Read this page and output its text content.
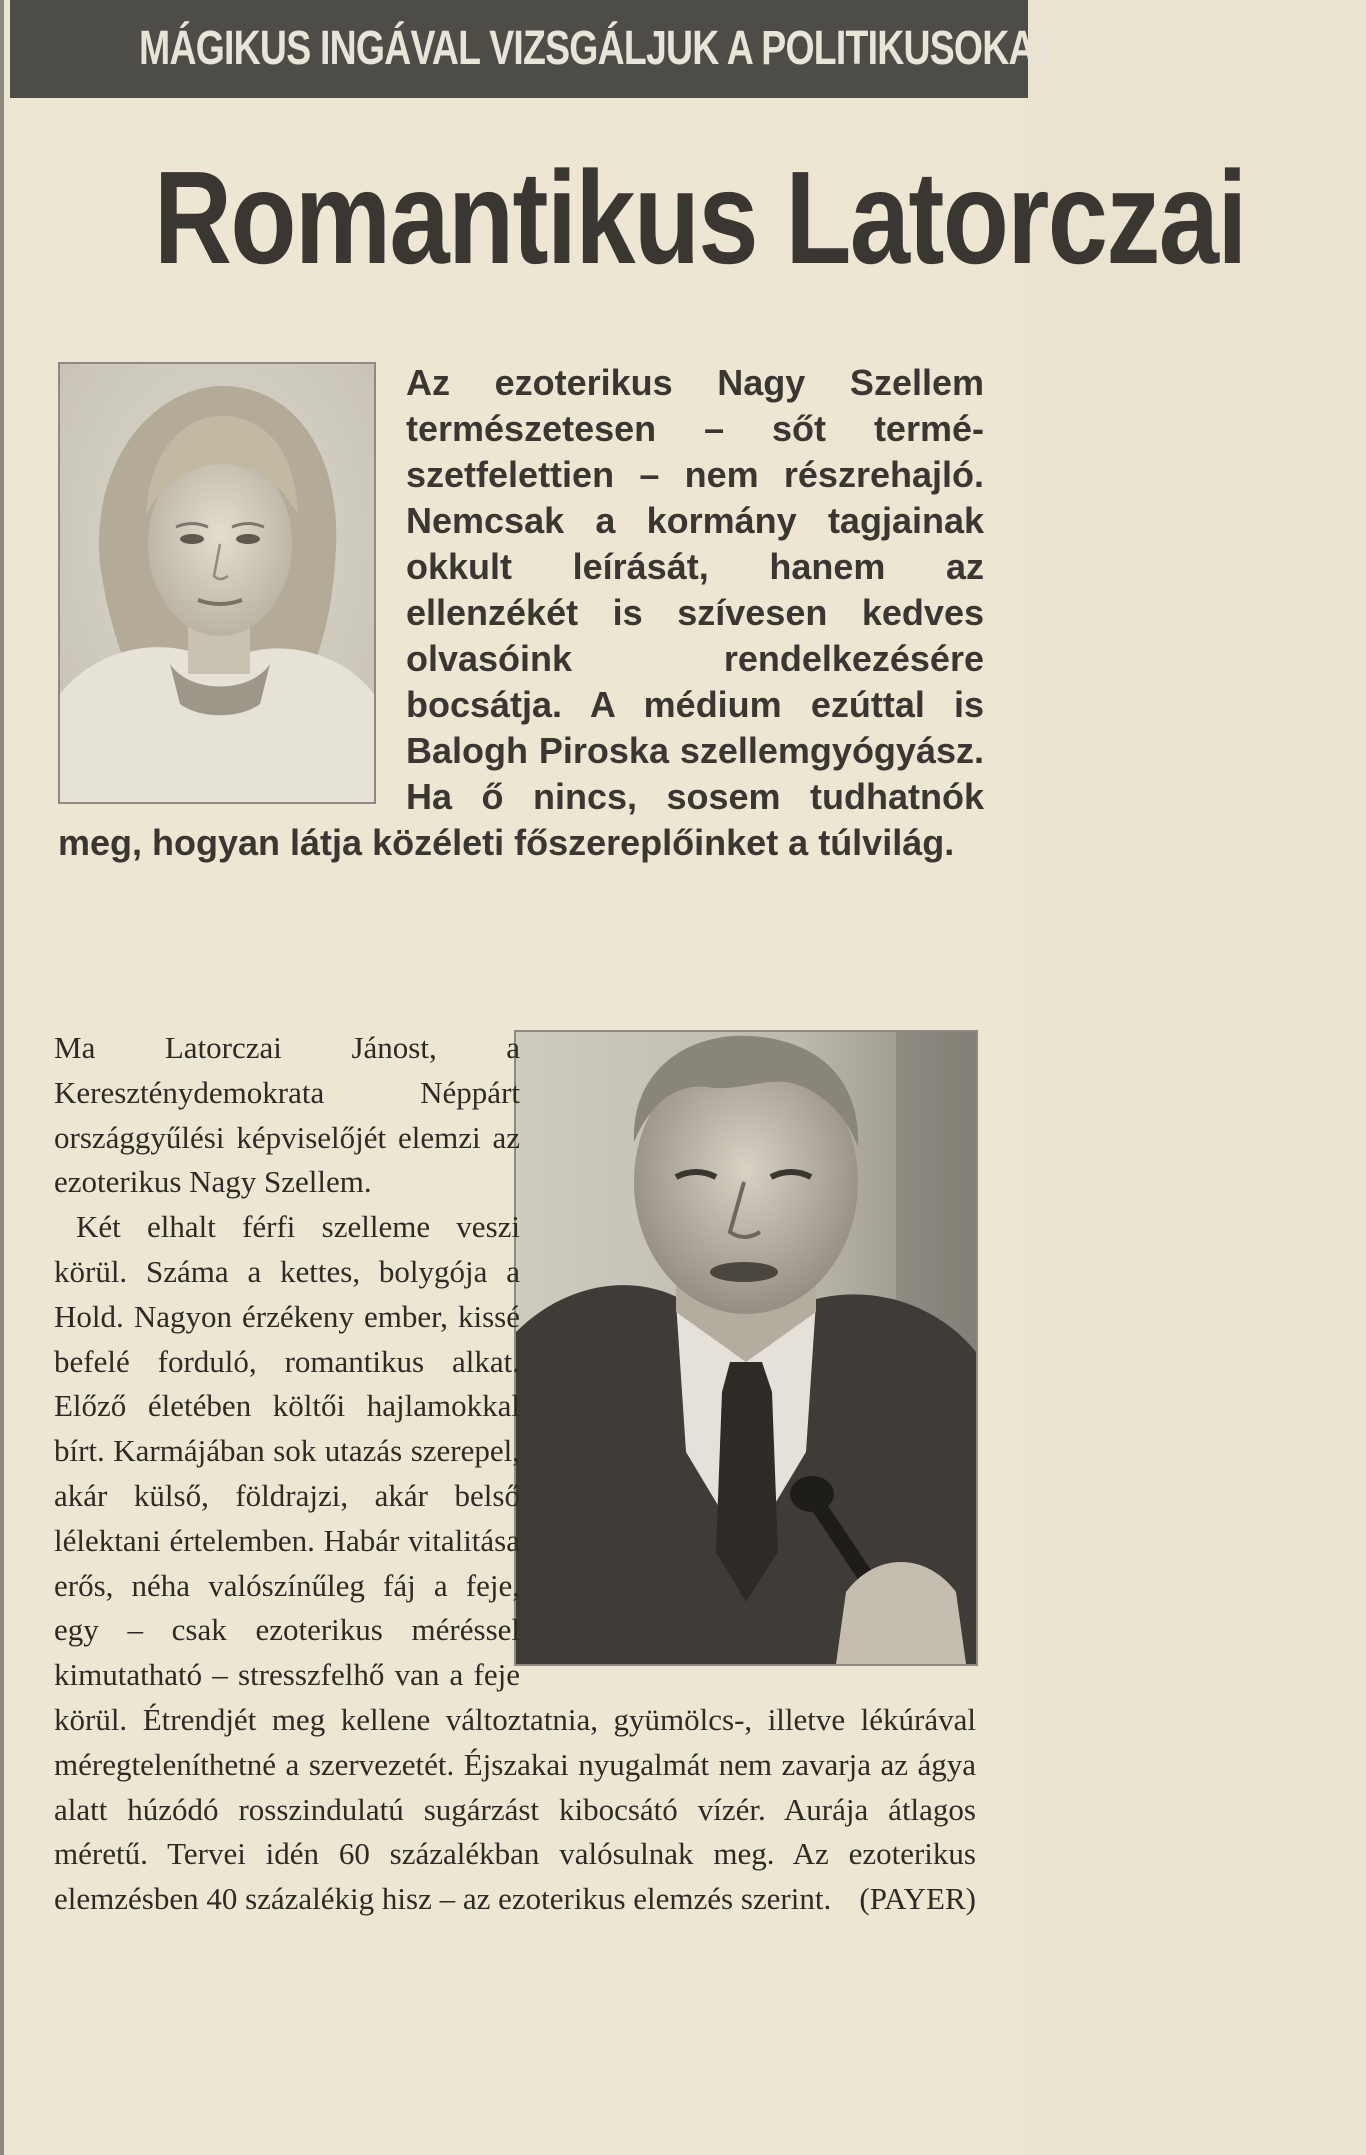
MÁGIKUS INGÁVAL VIZSGÁLJUK A POLITIKUSOKAT
Romantikus Latorczai

Az ezoterikus Nagy Szellem természetesen – sőt természetfelettien – nem részrehajló. Nemcsak a kormány tagjainak okkult leírását, hanem az ellenzékét is szívesen kedves olvasóink rendelkezésére bocsátja. A médium ezúttal is Balogh Piroska szellemgyógyász. Ha ő nincs, sosem tudhatnók meg, hogyan látja közéleti főszereplőinket a túlvilág.

Ma Latorczai Jánost, a Kereszténydemokrata Néppárt országgyűlési képviselőjét elemzi az ezoterikus Nagy Szellem.

Két elhalt férfi szelleme veszi körül. Száma a kettes, bolygója a Hold. Nagyon érzékeny ember, kissé befelé forduló, romantikus alkat. Előző életében költői hajlamokkal bírt. Karmájában sok utazás szerepel, akár külső, földrajzi, akár belső lélektani értelemben. Habár vitalitása erős, néha valószínűleg fáj a feje, egy – csak ezoterikus méréssel kimutatható – stresszfelhő van a feje körül. Étrendjét meg kellene változtatnia, gyümölcs-, illetve lékúrával méregteleníthetné a szervezetét. Éjszakai nyugalmát nem zavarja az ágya alatt húzódó rosszindulatú sugárzást kibocsátó vízér. Aurája átlagos méretű. Tervei idén 60 százalékban valósulnak meg. Az ezoterikus elemzésben 40 százalékig hisz – az ezoterikus elemzés szerint. (PAYER)
